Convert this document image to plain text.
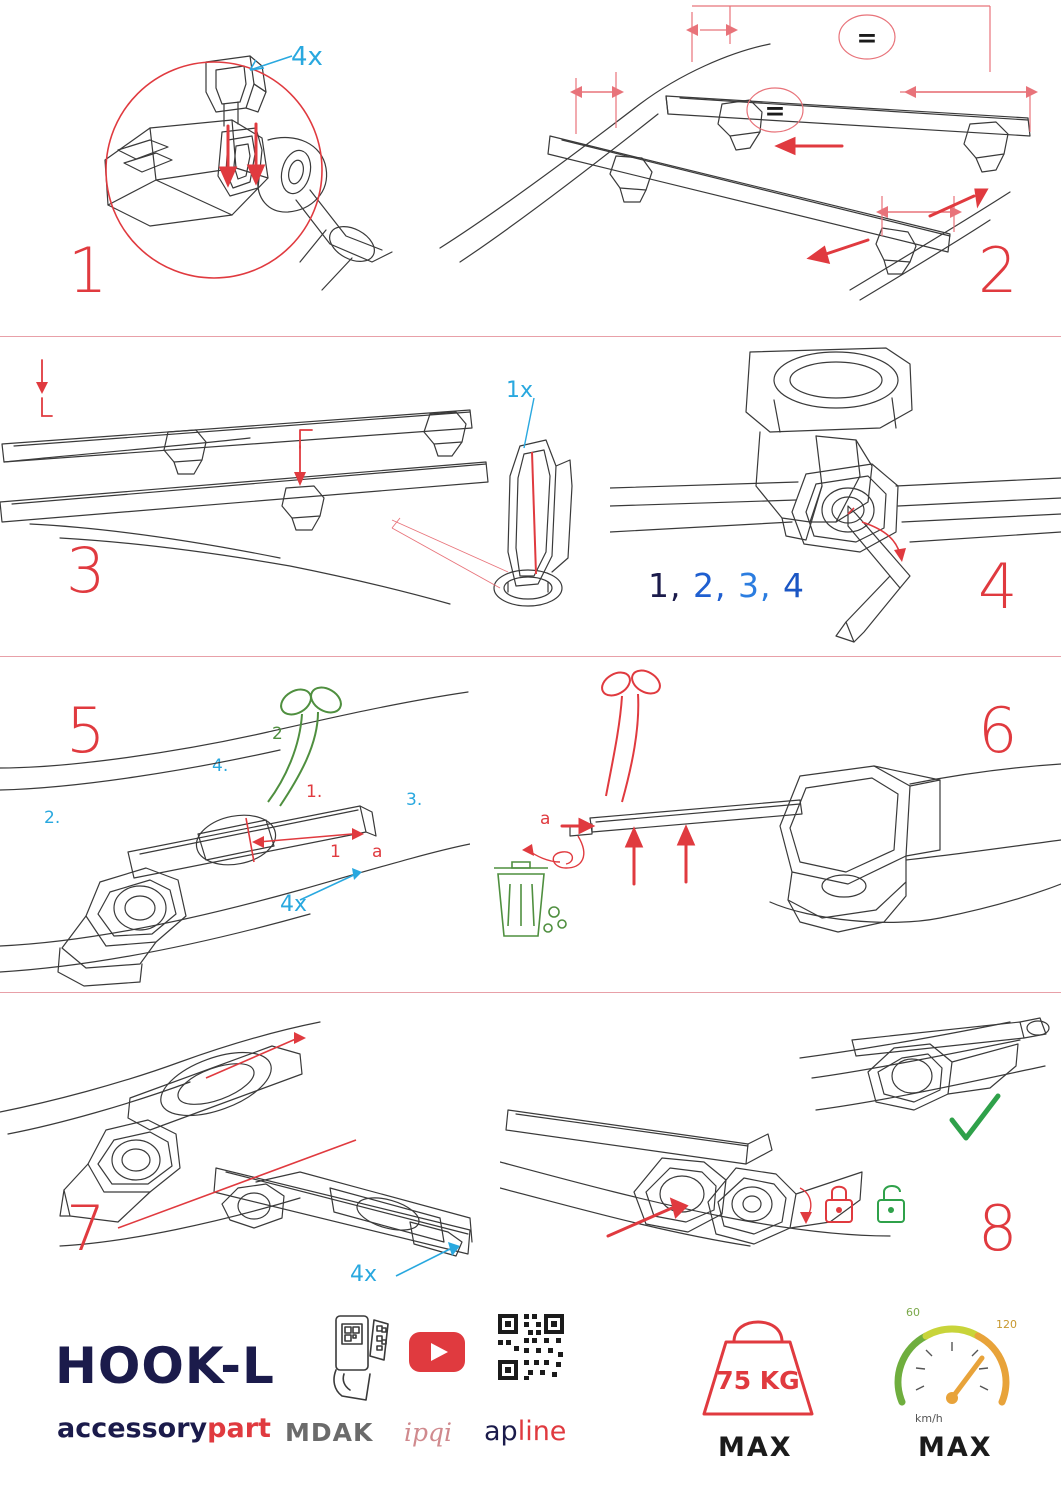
4x
1
=
=
2
1.
2.
3.
4.
1x
3	1, 2, 3, 4	4
5
1
2
a
4x
a
6
7
4x
8
HOOK-L
accessorypart MDAK ipqi apline
75 KG
MAX
60
120
km/h
MAX
